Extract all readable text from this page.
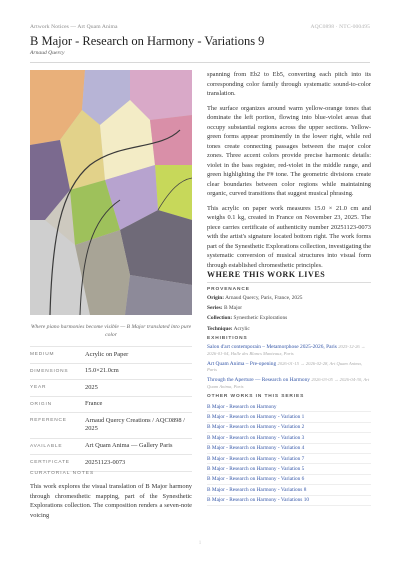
Artwork Notices — Art Quam Anima	AQC0898 · NTC-000495
B Major - Research on Harmony - Variations 9
Arnaud Quercy
Where piano harmonies become visible — B Major translated into pure color
MEDIUM	Acrylic on Paper
DIMENSIONS	15.0×21.0cm
YEAR	2025
ORIGIN	France
REFERENCE	Arnaud Quercy Creations / AQC0898 / 2025
AVAILABLE	Art Quam Anima — Gallery Paris
CERTIFICATE	20251123-0073
CURATORIAL NOTES
This work explores the visual translation of B Major harmony through chromesthetic mapping, part of the Synesthetic Explorations collection. The composition renders a seven-note voicing

spanning from Eb2 to Eb5, converting each pitch into its corresponding color family through systematic sound-to-color translation.

The surface organizes around warm yellow-orange tones that dominate the left portion, flowing into blue-violet areas that occupy substantial regions across the upper sections. Yellow-green forms appear prominently in the lower right, while red tones create connecting passages between the major color zones. Three accent colors provide precise harmonic details: violet in the bass register, red-violet in the middle range, and green highlighting the F# tone. The geometric divisions create clear boundaries between color regions while maintaining organic, curved transitions that suggest musical phrasing.

This acrylic on paper work measures 15.0 × 21.0 cm and weighs 0.1 kg, created in France on November 23, 2025. The piece carries certificate of authenticity number 20251123-0073 with the artist's signature located bottom right. The work forms part of the Synesthetic Explorations collection, investigating the systematic conversion of musical structures into visual form through established chromesthetic principles.

WHERE THIS WORK LIVES
PROVENANCE
Origin: Arnaud Quercy, Paris, France, 2025
Series: B Major
Collection: Synesthetic Explorations
Technique: Acrylic
EXHIBITIONS
Salon d'art contemporain – Metamorphose 2025-2026, Paris 2025-12-26 → 2026-01-04, Halle des Blancs Manteaux, Paris
Art Quam Anima – Pre-opening 2026-01-15 → 2026-02-28, Art Quam Anima, Paris
Through the Aperture — Research on Harmony 2026-03-05 → 2026-04-30, Art Quam Anima, Paris
OTHER WORKS IN THIS SERIES
B Major - Research on Harmony
B Major - Research on Harmony - Variation 1
B Major - Research on Harmony - Variation 2
B Major - Research on Harmony - Variation 3
B Major - Research on Harmony - Variation 4
B Major - Research on Harmony - Variation 7
B Major - Research on Harmony - Variation 5
B Major - Research on Harmony - Variation 6
B Major - Research on Harmony - Variations 8
B Major - Research on Harmony - Variations 10
1
